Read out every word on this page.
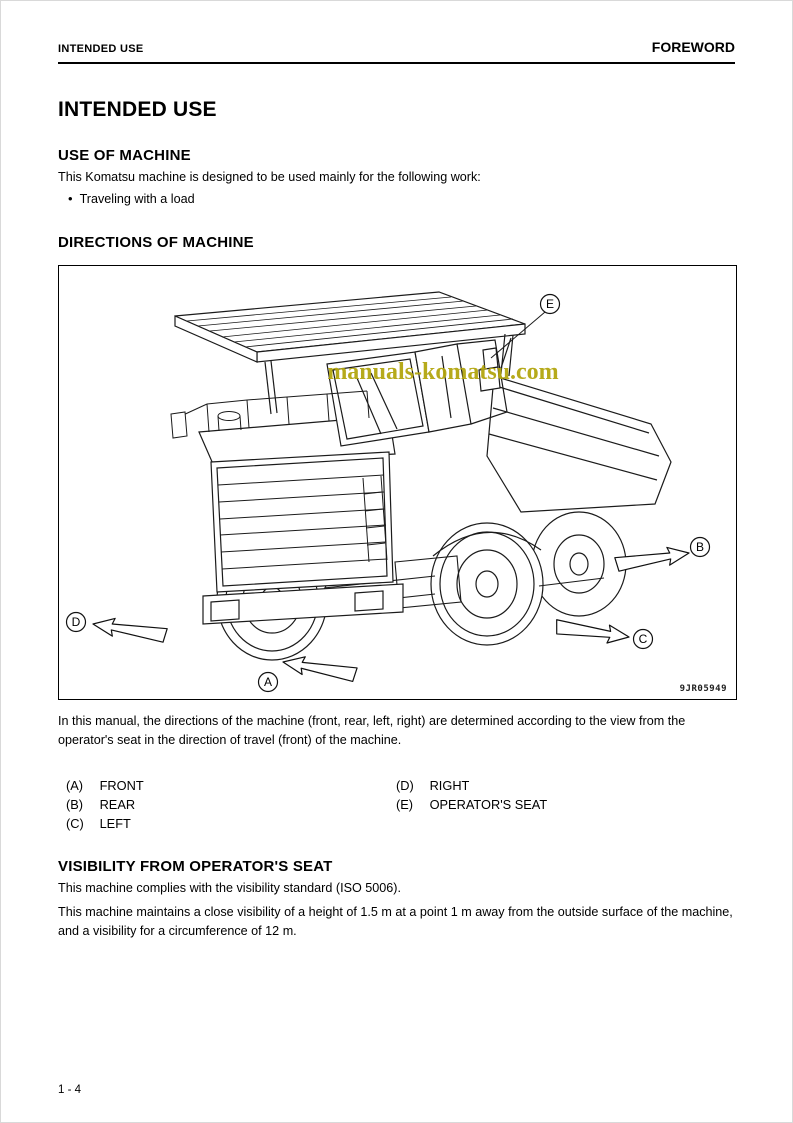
INTENDED USE	FOREWORD
INTENDED USE
USE OF MACHINE

This Komatsu machine is designed to be used mainly for the following work:

• Traveling with a load
DIRECTIONS OF MACHINE
A
B
C
D
E
manuals-komatsu.com
9JR05949

In this manual, the directions of the machine (front, rear, left, right) are determined according to the view from the operator's seat in the direction of travel (front) of the machine.

(A) FRONT
(B) REAR
(C) LEFT
(D) RIGHT
(E) OPERATOR'S SEAT
VISIBILITY FROM OPERATOR'S SEAT

This machine complies with the visibility standard (ISO 5006).

This machine maintains a close visibility of a height of 1.5 m at a point 1 m away from the outside surface of the machine, and a visibility for a circumference of 12 m.

1 - 4
